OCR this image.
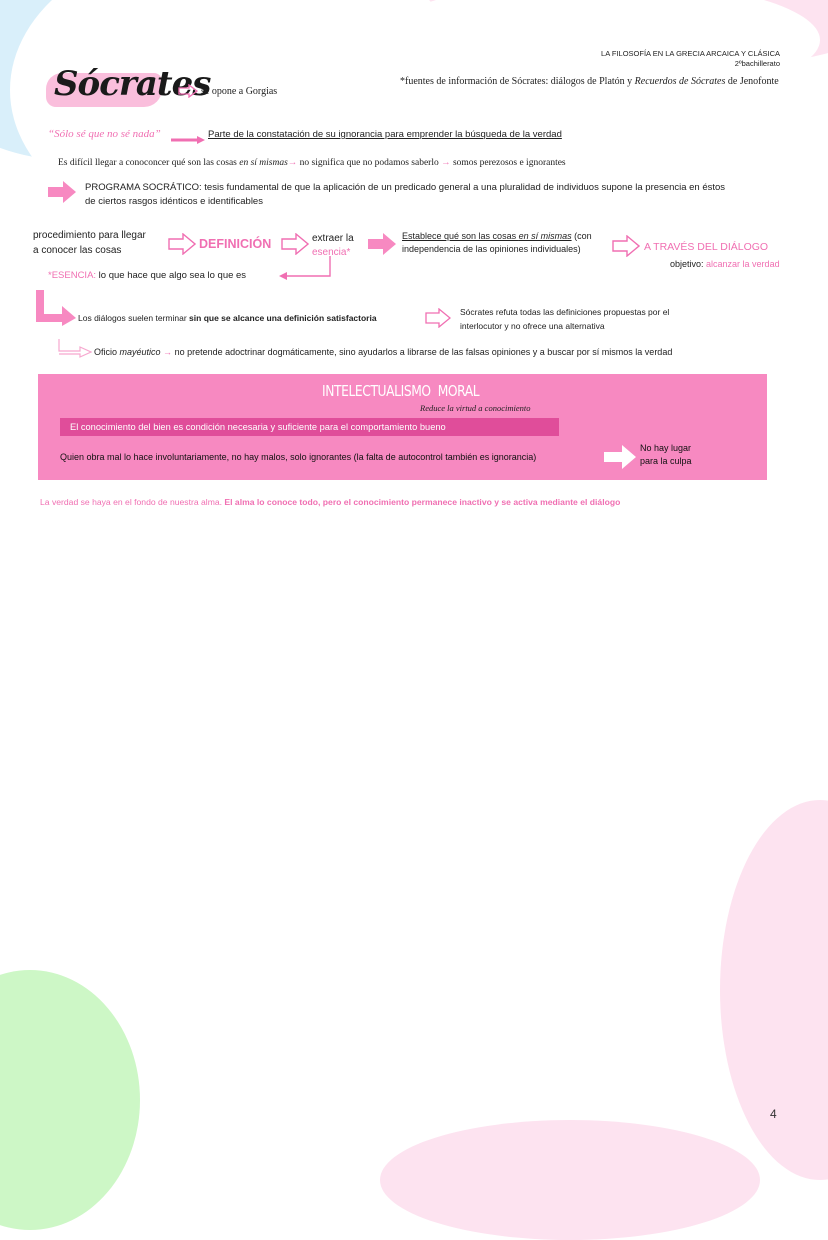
LA FILOSOFÍA EN LA GRECIA ARCAICA Y CLÁSICA
2ºbachillerato
Sócrates
se opone a Gorgias
*fuentes de información de Sócrates: diálogos de Platón y Recuerdos de Sócrates de Jenofonte
“Sólo sé que no sé nada”	Parte de la constatación de su ignorancia para emprender la búsqueda de la verdad
Es difícil llegar a conoconcer qué son las cosas en sí mismas→ no significa que no podamos saberlo → somos perezosos e ignorantes
PROGRAMA SOCRÁTICO: tesis fundamental de que la aplicación de un predicado general a una pluralidad de individuos supone la presencia en éstos
de ciertos rasgos idénticos e identificables
procedimiento para llegar
a conocer las cosas	DEFINICIÓN	extraer la
esencia*
Establece qué son las cosas en sí mismas (con
independencia de las opiniones individuales)	A TRAVÉS DEL DIÁLOGO
objetivo: alcanzar la verdad
*ESENCIA: lo que hace que algo sea lo que es
Los diálogos suelen terminar sin que se alcance una definición satisfactoria
Sócrates refuta todas las definiciones propuestas por el
interlocutor y no ofrece una alternativa
Oficio mayéutico → no pretende adoctrinar dogmáticamente, sino ayudarlos a librarse de las falsas opiniones y a buscar por sí mismos la verdad
INTELECTUALISMO  MORAL
Reduce la virtud a conocimiento
El conocimiento del bien es condición necesaria y suficiente para el comportamiento bueno
Quien obra mal lo hace involuntariamente, no hay malos, solo ignorantes (la falta de autocontrol también es ignorancia)
No hay lugar
para la culpa
La verdad se haya en el fondo de nuestra alma. El alma lo conoce todo, pero el conocimiento permanece inactivo y se activa mediante el diálogo
4
